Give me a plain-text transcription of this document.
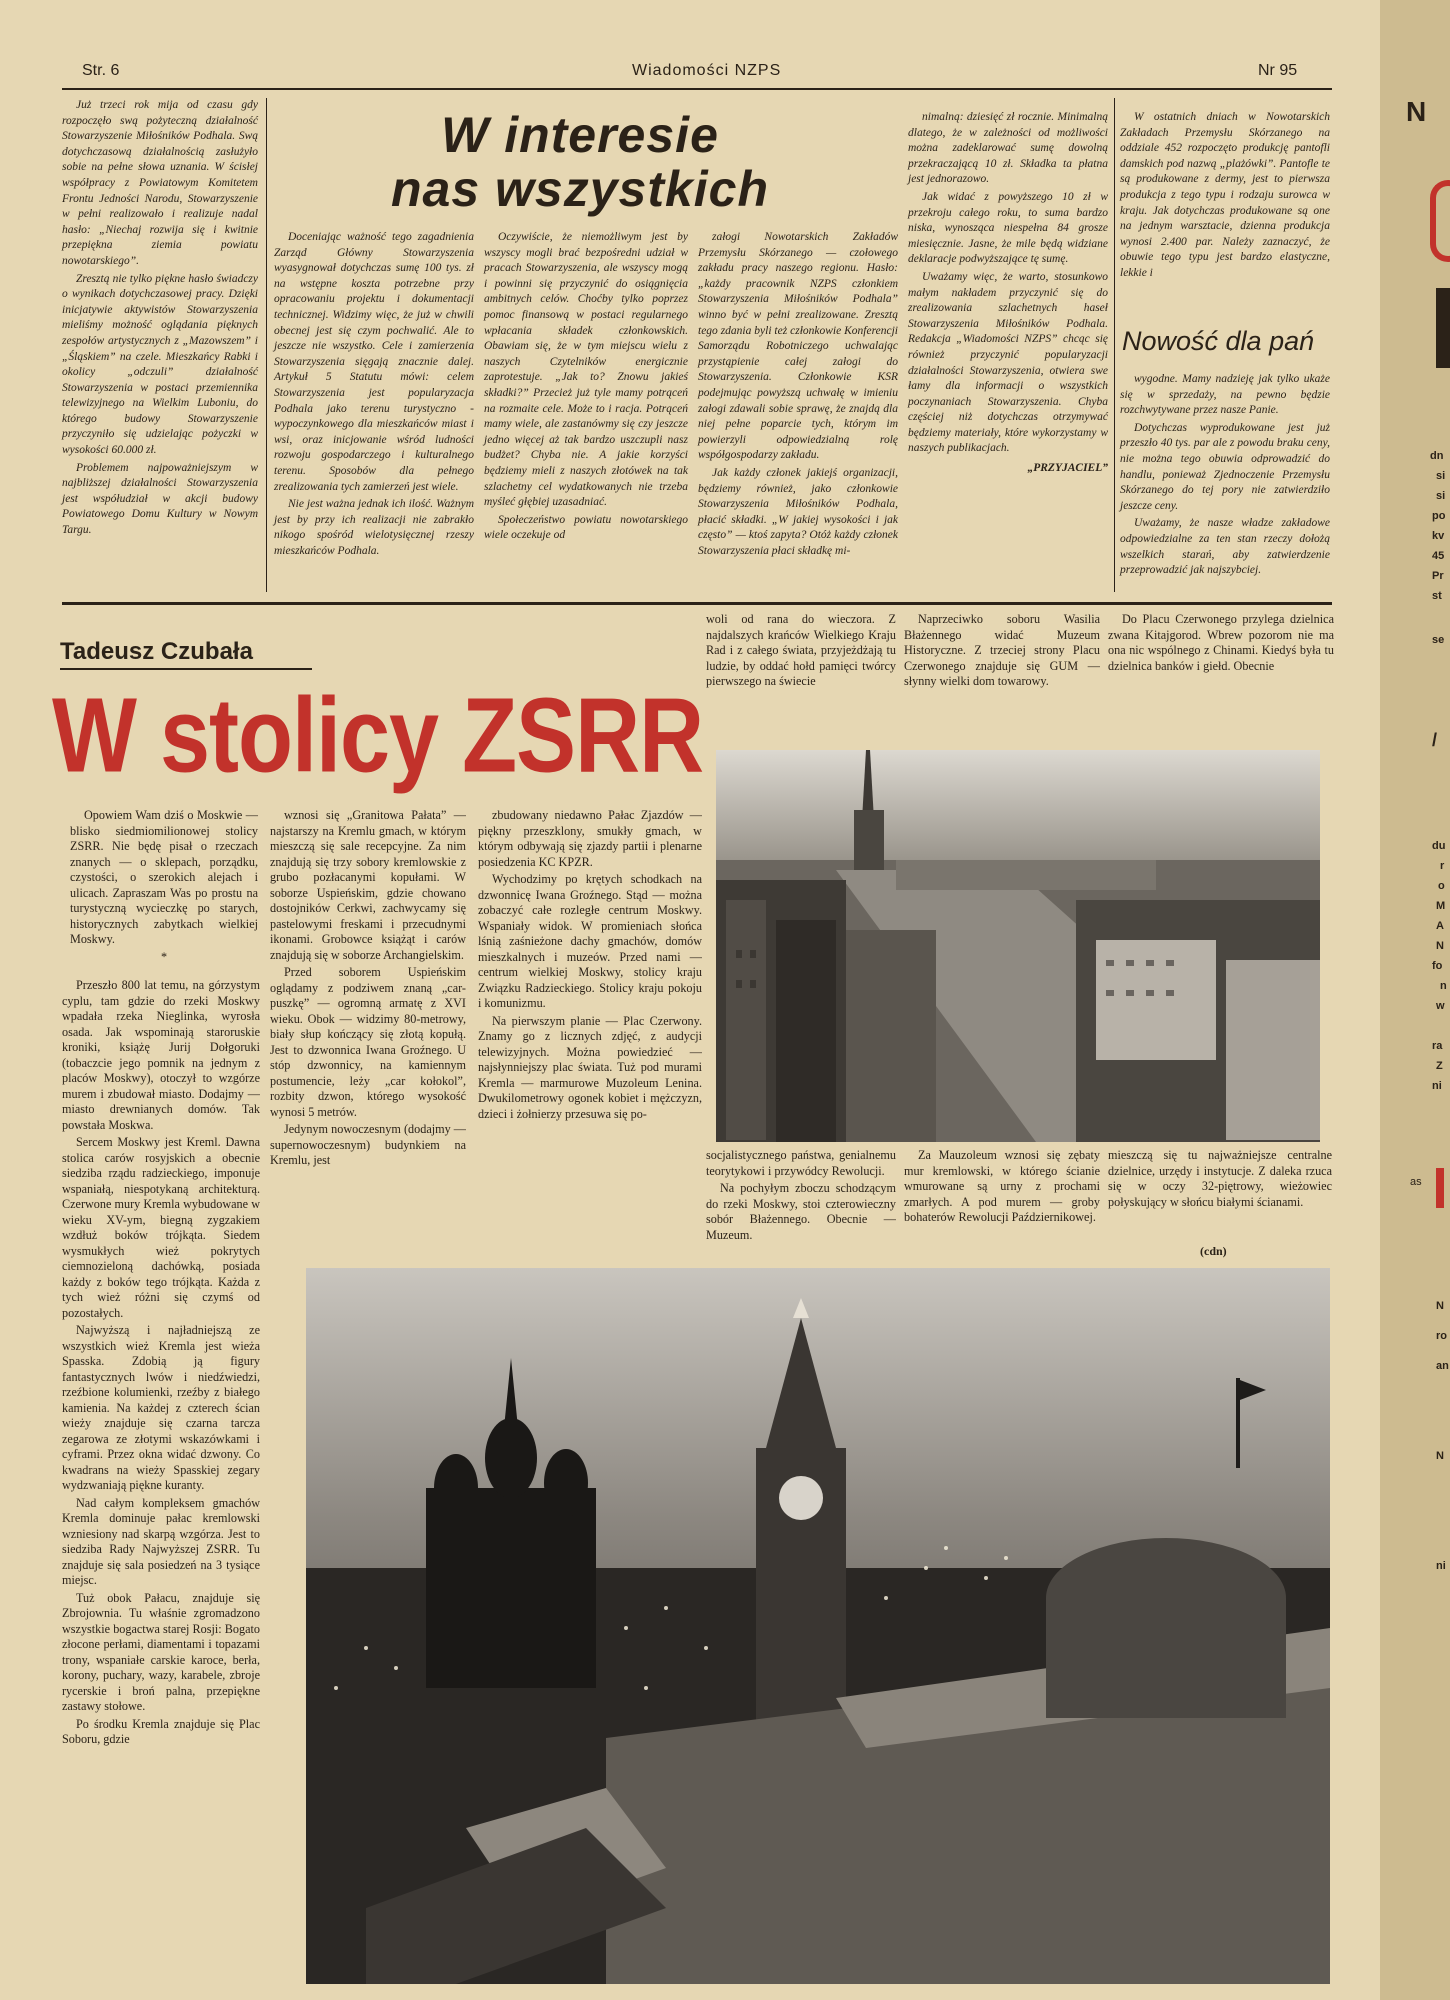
Str. 6	Wiadomości NZPS	Nr 95

Już trzeci rok mija od czasu gdy rozpoczęło swą pożyteczną działalność Stowarzyszenie Miłośników Podhala. Swą dotychczasową działalnością zasłużyło sobie na pełne słowa uznania. W ścisłej współpracy z Powiatowym Komitetem Frontu Jedności Narodu, Stowarzyszenie w pełni realizowało i realizuje nadal hasło: „Niechaj rozwija się i kwitnie przepiękna ziemia powiatu nowotarskiego”.

Zresztą nie tylko piękne hasło świadczy o wynikach dotychczasowej pracy. Dzięki inicjatywie aktywistów Stowarzyszenia mieliśmy możność oglądania pięknych zespołów artystycznych z „Mazowszem” i „Śląskiem” na czele. Mieszkańcy Rabki i okolicy „odczuli” działalność Stowarzyszenia w postaci przemiennika telewizyjnego na Wielkim Luboniu, do którego budowy Stowarzyszenie przyczyniło się udzielając pożyczki w wysokości 60.000 zł.

Problemem najpoważniejszym w najbliższej działalności Stowarzyszenia jest współudział w akcji budowy Powiatowego Domu Kultury w Nowym Targu.

W interesie
nas wszystkich

Doceniając ważność tego zagadnienia Zarząd Główny Stowarzyszenia wyasygnował dotychczas sumę 100 tys. zł na wstępne koszta potrzebne przy opracowaniu projektu i dokumentacji technicznej. Widzimy więc, że już w chwili obecnej jest się czym pochwalić. Ale to jeszcze nie wszystko. Cele i zamierzenia Stowarzyszenia sięgają znacznie dalej. Artykuł 5 Statutu mówi: celem Stowarzyszenia jest popularyzacja Podhala jako terenu turystyczno - wypoczynkowego dla mieszkańców miast i wsi, oraz inicjowanie wśród ludności rozwoju gospodarczego i kulturalnego terenu. Sposobów dla pełnego zrealizowania tych zamierzeń jest wiele.

Nie jest ważna jednak ich ilość. Ważnym jest by przy ich realizacji nie zabrakło nikogo spośród wielotysięcznej rzeszy mieszkańców Podhala.

Oczywiście, że niemożliwym jest by wszyscy mogli brać bezpośredni udział w pracach Stowarzyszenia, ale wszyscy mogą i powinni się przyczynić do osiągnięcia ambitnych celów. Choćby tylko poprzez pomoc finansową w postaci regularnego wpłacania składek członkowskich. Obawiam się, że w tym miejscu wielu z naszych Czytelników energicznie zaprotestuje. „Jak to? Znowu jakieś składki?” Przecież już tyle mamy potrąceń na rozmaite cele. Może to i racja. Potrąceń mamy wiele, ale zastanówmy się czy jeszcze jedno więcej aż tak bardzo uszczupli nasz budżet? Chyba nie. A jakie korzyści będziemy mieli z naszych złotówek na tak szlachetny cel wydatkowanych nie trzeba myśleć głębiej uzasadniać.

Społeczeństwo powiatu nowotarskiego wiele oczekuje od

załogi Nowotarskich Zakładów Przemysłu Skórzanego — czołowego zakładu pracy naszego regionu. Hasło: „każdy pracownik NZPS członkiem Stowarzyszenia Miłośników Podhala” winno być w pełni zrealizowane. Zresztą tego zdania byli też członkowie Konferencji Samorządu Robotniczego uchwalając przystąpienie całej załogi do Stowarzyszenia. Członkowie KSR podejmując powyższą uchwałę w imieniu załogi zdawali sobie sprawę, że znajdą dla niej pełne poparcie tych, którym im powierzyli odpowiedzialną rolę współgospodarzy zakładu.

Jak każdy członek jakiejś organizacji, będziemy również, jako członkowie Stowarzyszenia Miłośników Podhala, płacić składki. „W jakiej wysokości i jak często” — ktoś zapyta? Otóż każdy członek Stowarzyszenia płaci składkę mi-

nimalną: dziesięć zł rocznie. Minimalną dlatego, że w zależności od możliwości można zadeklarować sumę dowolną przekraczającą 10 zł. Składka ta płatna jest jednorazowo.

Jak widać z powyższego 10 zł w przekroju całego roku, to suma bardzo niska, wynosząca niespełna 84 grosze miesięcznie. Jasne, że mile będą widziane deklaracje podwyższające tę sumę.

Uważamy więc, że warto, stosunkowo małym nakładem przyczynić się do zrealizowania szlachetnych haseł Stowarzyszenia Miłośników Podhala. Redakcja „Wiadomości NZPS” chcąc się również przyczynić popularyzacji działalności Stowarzyszenia, otwiera swe łamy dla informacji o wszystkich poczynaniach Stowarzyszenia. Chyba częściej niż dotychczas otrzymywać będziemy materiały, które wykorzystamy w naszych publikacjach.

„PRZYJACIEL”

W ostatnich dniach w Nowotarskich Zakładach Przemysłu Skórzanego na oddziale 452 rozpoczęto produkcję pantofli damskich pod nazwą „plażówki”. Pantofle te są produkowane z dermy, jest to pierwsza produkcja z tego typu i rodzaju surowca w kraju. Jak dotychczas produkowane są one na jednym warsztacie, dzienna produkcja wynosi 2.400 par. Należy zaznaczyć, że obuwie tego typu jest bardzo elastyczne, lekkie i

Nowość dla pań

wygodne. Mamy nadzieję jak tylko ukaże się w sprzedaży, na pewno będzie rozchwytywane przez nasze Panie.

Dotychczas wyprodukowane jest już przeszło 40 tys. par ale z powodu braku ceny, nie można tego obuwia odprowadzić do handlu, ponieważ Zjednoczenie Przemysłu Skórzanego do tej pory nie zatwierdziło jeszcze ceny.

Uważamy, że nasze władze zakładowe odpowiedzialne za ten stan rzeczy dołożą wszelkich starań, aby zatwierdzenie przeprowadzić jak najszybciej.

Tadeusz Czubała
W stolicy ZSRR

Opowiem Wam dziś o Moskwie — blisko siedmiomilionowej stolicy ZSRR. Nie będę pisał o rzeczach znanych — o sklepach, porządku, czystości, o szerokich alejach i ulicach. Zapraszam Was po prostu na turystyczną wycieczkę po starych, historycznych zabytkach wielkiej Moskwy.

*

Przeszło 800 lat temu, na górzystym cyplu, tam gdzie do rzeki Moskwy wpadała rzeka Nieglinka, wyrosła osada. Jak wspominają staroruskie kroniki, książę Jurij Dołgoruki (tobaczcie jego pomnik na jednym z placów Moskwy), otoczył to wzgórze murem i zbudował miasto. Dodajmy — miasto drewnianych domów. Tak powstała Moskwa.

Sercem Moskwy jest Kreml. Dawna stolica carów rosyjskich a obecnie siedziba rządu radzieckiego, imponuje wspaniałą, niespotykaną architekturą. Czerwone mury Kremla wybudowane w wieku XV-ym, biegną zygzakiem wzdłuż boków trójkąta. Siedem wysmukłych wież pokrytych ciemnozieloną dachówką, posiada każdy z boków tego trójkąta. Każda z tych wież różni się czymś od pozostałych.

Najwyższą i najładniejszą ze wszystkich wież Kremla jest wieża Spasska. Zdobią ją figury fantastycznych lwów i niedźwiedzi, rzeźbione kolumienki, rzeźby z białego kamienia. Na każdej z czterech ścian wieży znajduje się czarna tarcza zegarowa ze złotymi wskazówkami i cyframi. Przez okna widać dzwony. Co kwadrans na wieży Spasskiej zegary wydzwaniają piękne kuranty.

Nad całym kompleksem gmachów Kremla dominuje pałac kremlowski wzniesiony nad skarpą wzgórza. Jest to siedziba Rady Najwyższej ZSRR. Tu znajduje się sala posiedzeń na 3 tysiące miejsc.

Tuż obok Pałacu, znajduje się Zbrojownia. Tu właśnie zgromadzono wszystkie bogactwa starej Rosji: Bogato złocone perłami, diamentami i topazami trony, wspaniałe carskie karoce, berła, korony, puchary, wazy, karabele, zbroje rycerskie i broń palna, przepiękne zastawy stołowe.

Po środku Kremla znajduje się Plac Soboru, gdzie

wznosi się „Granitowa Pałata” — najstarszy na Kremlu gmach, w którym mieszczą się sale recepcyjne. Za nim znajdują się trzy sobory kremlowskie z grubo pozłacanymi kopułami. W soborze Uspieńskim, gdzie chowano dostojników Cerkwi, zachwycamy się pastelowymi freskami i przecudnymi ikonami. Grobowce książąt i carów znajdują się w soborze Archangielskim.

Przed soborem Uspieńskim oglądamy z podziwem znaną „car-puszkę” — ogromną armatę z XVI wieku. Obok — widzimy 80-metrowy, biały słup kończący się złotą kopułą. Jest to dzwonnica Iwana Groźnego. U stóp dzwonnicy, na kamiennym postumencie, leży „car kołokol”, rozbity dzwon, którego wysokość wynosi 5 metrów.

Jedynym nowoczesnym (dodajmy — supernowoczesnym) budynkiem na Kremlu, jest

zbudowany niedawno Pałac Zjazdów — piękny przeszklony, smukły gmach, w którym odbywają się zjazdy partii i plenarne posiedzenia KC KPZR.

Wychodzimy po krętych schodkach na dzwonnicę Iwana Groźnego. Stąd — można zobaczyć całe rozległe centrum Moskwy. Wspaniały widok. W promieniach słońca lśnią zaśnieżone dachy gmachów, domów mieszkalnych i muzeów. Przed nami — centrum wielkiej Moskwy, stolicy kraju Związku Radzieckiego. Stolicy kraju pokoju i komunizmu.

Na pierwszym planie — Plac Czerwony. Znamy go z licznych zdjęć, z audycji telewizyjnych. Można powiedzieć — najsłynniejszy plac świata. Tuż pod murami Kremla — marmurowe Muzoleum Lenina. Dwukilometrowy ogonek kobiet i mężczyzn, dzieci i żołnierzy przesuwa się po-

woli od rana do wieczora. Z najdalszych krańców Wielkiego Kraju Rad i z całego świata, przyjeżdżają tu ludzie, by oddać hołd pamięci twórcy pierwszego na świecie

Naprzeciwko soboru Wasilia Błażennego widać Muzeum Historyczne. Z trzeciej strony Placu Czerwonego znajduje się GUM — słynny wielki dom towarowy.

Do Placu Czerwonego przylega dzielnica zwana Kitajgorod. Wbrew pozorom nie ma ona nic wspólnego z Chinami. Kiedyś była tu dzielnica banków i giełd. Obecnie

socjalistycznego państwa, genialnemu teorytykowi i przywódcy Rewolucji.

Na pochyłym zboczu schodzącym do rzeki Moskwy, stoi czterowieczny sobór Błażennego. Obecnie — Muzeum.

Za Mauzoleum wznosi się zębaty mur kremlowski, w którego ścianie wmurowane są urny z prochami zmarłych. A pod murem — groby bohaterów Rewolucji Październikowej.

mieszczą się tu najważniejsze centralne dzielnice, urzędy i instytucje. Z daleka rzuca się w oczy 32-piętrowy, wieżowiec połyskujący w słońcu białymi ścianami.

(cdn)
N
dn
si
si
po
kv
45
Pr
st
se
/
du
r
o
M
A
N
fo
n
w
ra
Z
ni
as
N
ro
an
N
ni
